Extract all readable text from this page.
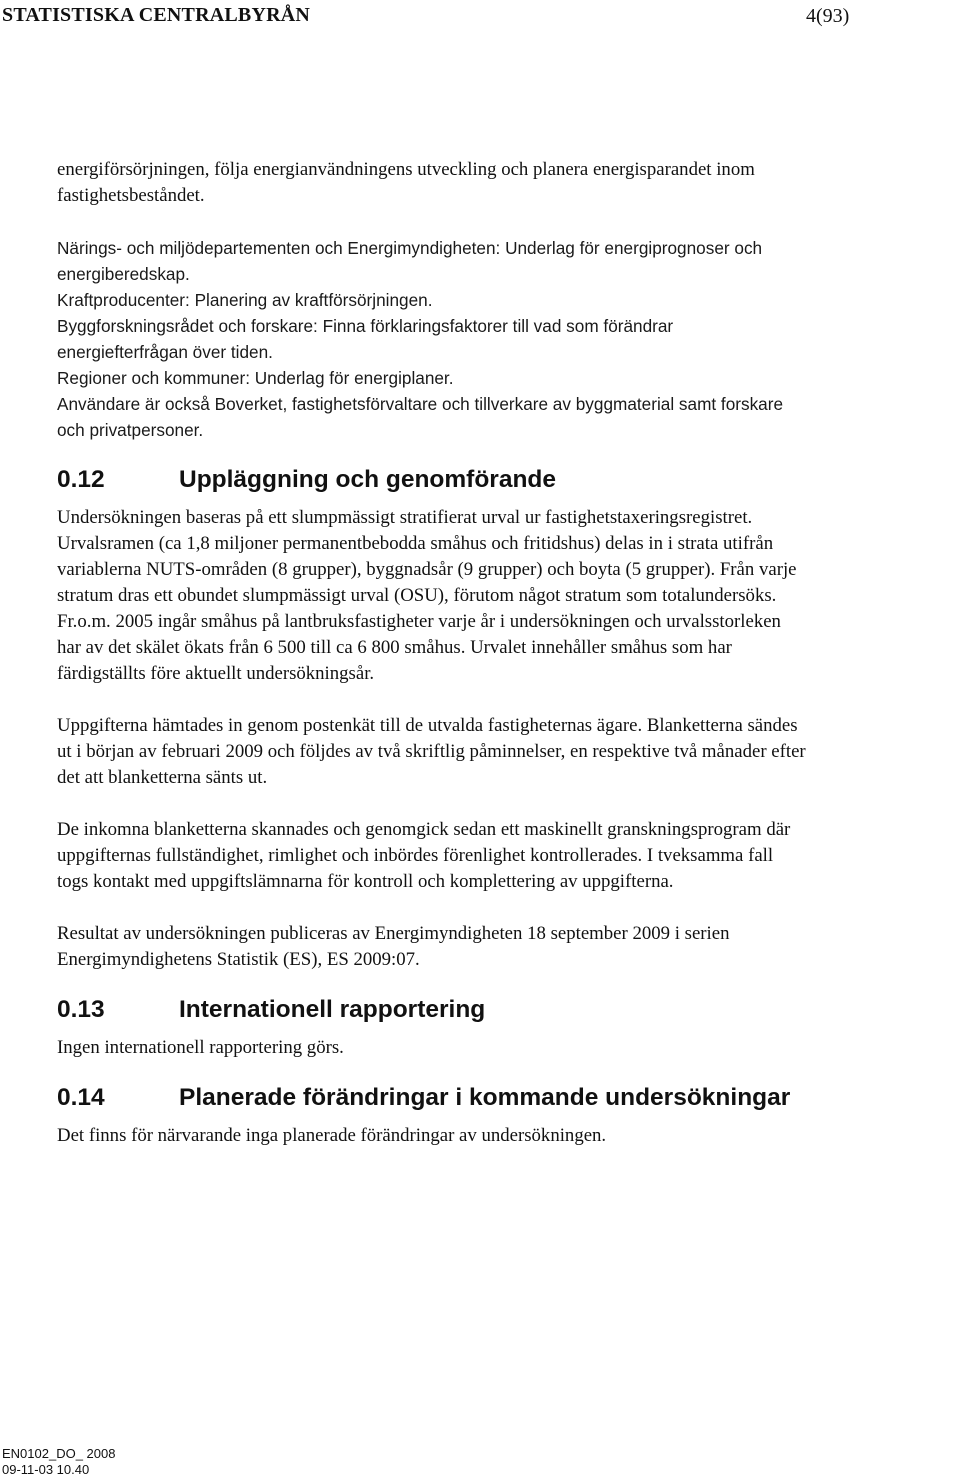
STATISTISKA CENTRALBYRÅN	4(93)

energiförsörjningen, följa energianvändningens utveckling och planera energisparandet inom

fastighetsbeståndet.

Närings- och miljödepartementen och Energimyndigheten: Underlag för energiprognoser och

energiberedskap.

Kraftproducenter: Planering av kraftförsörjningen.

Byggforskningsrådet och forskare: Finna förklaringsfaktorer till vad som förändrar

energiefterfrågan över tiden.

Regioner och kommuner: Underlag för energiplaner.

Användare är också Boverket, fastighetsförvaltare och tillverkare av byggmaterial samt forskare

och privatpersoner.

0.12	Uppläggning och genomförande

Undersökningen baseras på ett slumpmässigt stratifierat urval ur fastighetstaxeringsregistret.

Urvalsramen (ca 1,8 miljoner permanentbebodda småhus och fritidshus) delas in i strata utifrån

variablerna NUTS-områden (8 grupper), byggnadsår (9 grupper) och boyta (5 grupper). Från varje

stratum dras ett obundet slumpmässigt urval (OSU), förutom något stratum som totalundersöks.

Fr.o.m. 2005 ingår småhus på lantbruksfastigheter varje år i undersökningen och urvalsstorleken

har av det skälet ökats från 6 500 till ca 6 800 småhus. Urvalet innehåller småhus som har

färdigställts före aktuellt undersökningsår.

Uppgifterna hämtades in genom postenkät till de utvalda fastigheternas ägare. Blanketterna sändes

ut i början av februari 2009 och följdes av två skriftlig påminnelser, en respektive två månader efter

det att blanketterna sänts ut.

De inkomna blanketterna skannades och genomgick sedan ett maskinellt granskningsprogram där

uppgifternas fullständighet, rimlighet och inbördes förenlighet kontrollerades. I tveksamma fall

togs kontakt med uppgiftslämnarna för kontroll och komplettering av uppgifterna.

Resultat av undersökningen publiceras av Energimyndigheten 18 september 2009 i serien

Energimyndighetens Statistik (ES), ES 2009:07.

0.13	Internationell rapportering

Ingen internationell rapportering görs.

0.14	Planerade förändringar i kommande undersökningar

Det finns för närvarande inga planerade förändringar av undersökningen.

EN0102_DO_ 2008
09-11-03 10.40
